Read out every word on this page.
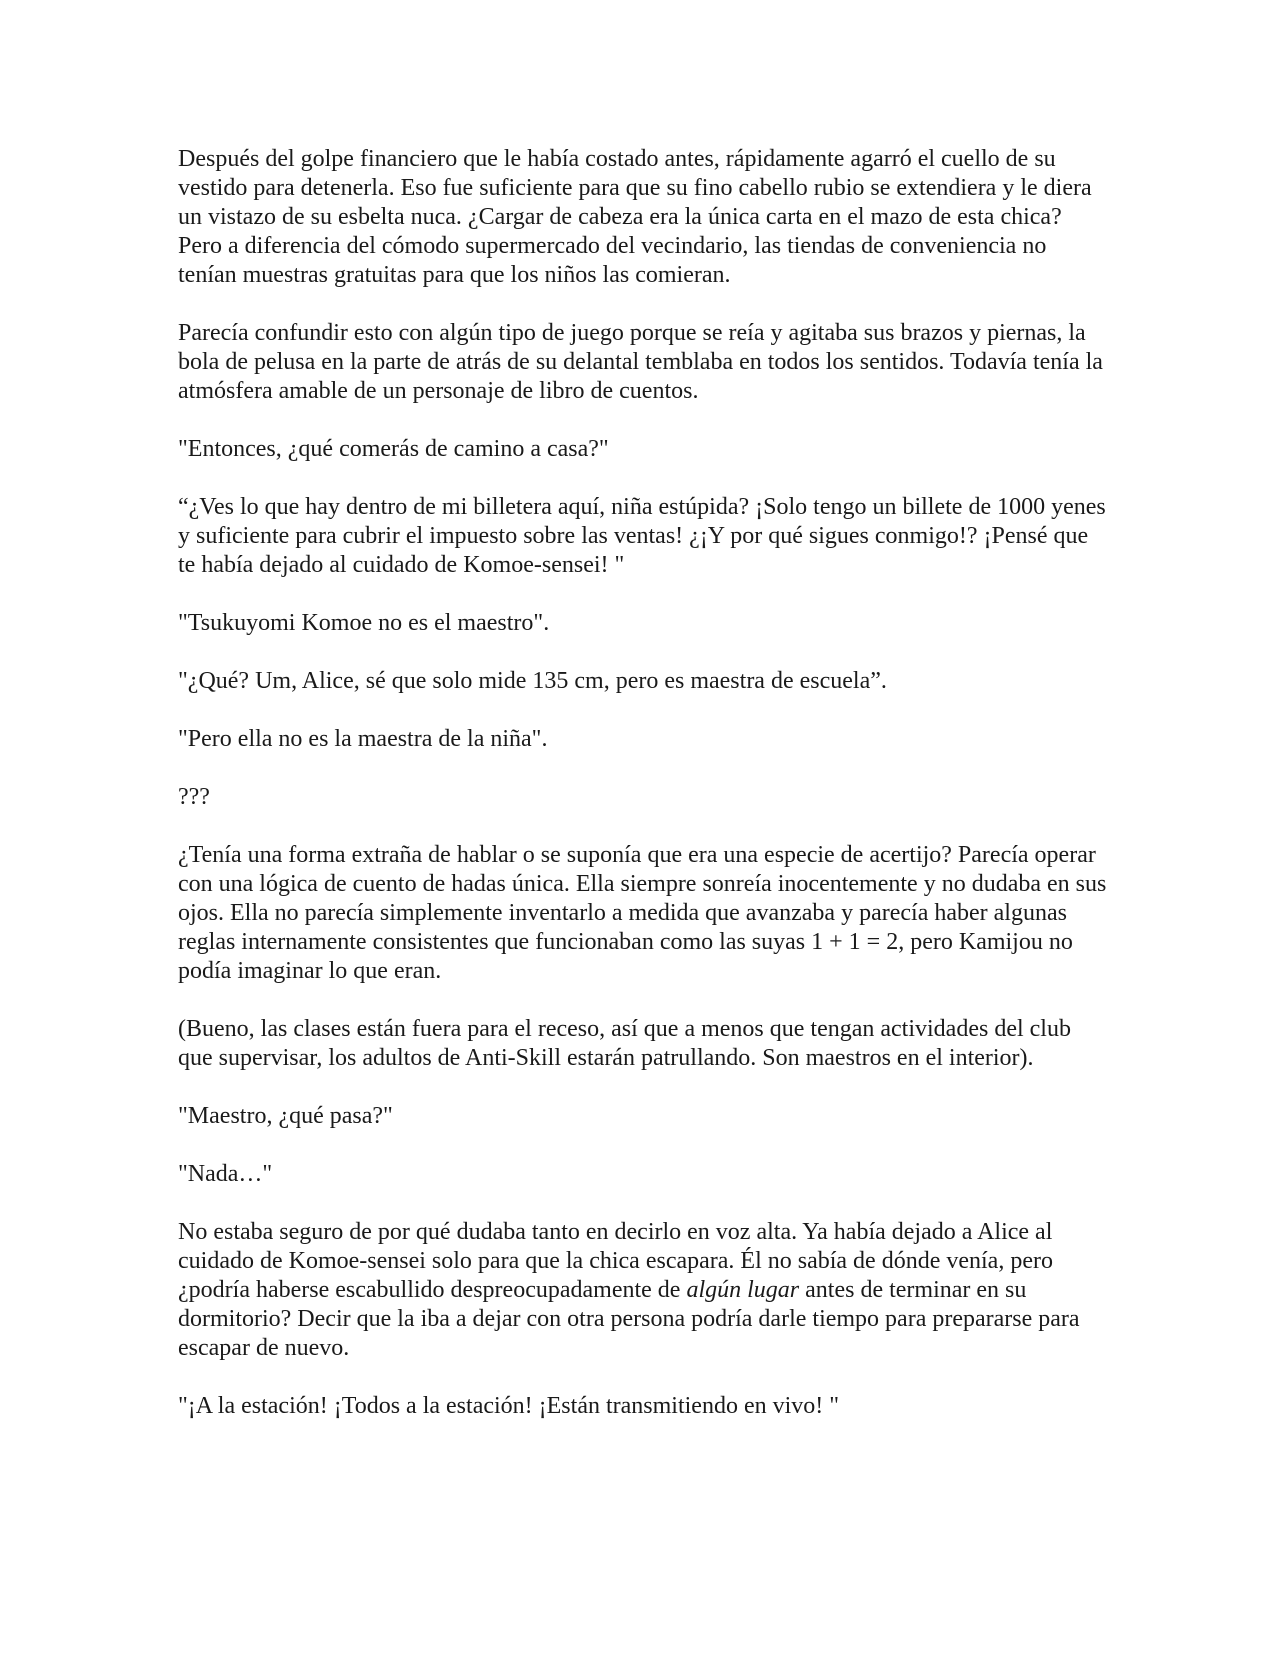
Después del golpe financiero que le había costado antes, rápidamente agarró el cuello de su vestido para detenerla. Eso fue suficiente para que su fino cabello rubio se extendiera y le diera un vistazo de su esbelta nuca. ¿Cargar de cabeza era la única carta en el mazo de esta chica? Pero a diferencia del cómodo supermercado del vecindario, las tiendas de conveniencia no tenían muestras gratuitas para que los niños las comieran.

Parecía confundir esto con algún tipo de juego porque se reía y agitaba sus brazos y piernas, la bola de pelusa en la parte de atrás de su delantal temblaba en todos los sentidos. Todavía tenía la atmósfera amable de un personaje de libro de cuentos.

"Entonces, ¿qué comerás de camino a casa?"

“¿Ves lo que hay dentro de mi billetera aquí, niña estúpida? ¡Solo tengo un billete de 1000 yenes y suficiente para cubrir el impuesto sobre las ventas! ¿¡Y por qué sigues conmigo!? ¡Pensé que te había dejado al cuidado de Komoe-sensei! "

"Tsukuyomi Komoe no es el maestro".

"¿Qué? Um, Alice, sé que solo mide 135 cm, pero es maestra de escuela”.

"Pero ella no es la maestra de la niña".

???

¿Tenía una forma extraña de hablar o se suponía que era una especie de acertijo? Parecía operar con una lógica de cuento de hadas única. Ella siempre sonreía inocentemente y no dudaba en sus ojos. Ella no parecía simplemente inventarlo a medida que avanzaba y parecía haber algunas reglas internamente consistentes que funcionaban como las suyas 1 + 1 = 2, pero Kamijou no podía imaginar lo que eran.

(Bueno, las clases están fuera para el receso, así que a menos que tengan actividades del club que supervisar, los adultos de Anti-Skill estarán patrullando. Son maestros en el interior).

"Maestro, ¿qué pasa?"

"Nada…"

No estaba seguro de por qué dudaba tanto en decirlo en voz alta. Ya había dejado a Alice al cuidado de Komoe-sensei solo para que la chica escapara. Él no sabía de dónde venía, pero ¿podría haberse escabullido despreocupadamente de algún lugar antes de terminar en su dormitorio? Decir que la iba a dejar con otra persona podría darle tiempo para prepararse para escapar de nuevo.

"¡A la estación! ¡Todos a la estación! ¡Están transmitiendo en vivo! "
